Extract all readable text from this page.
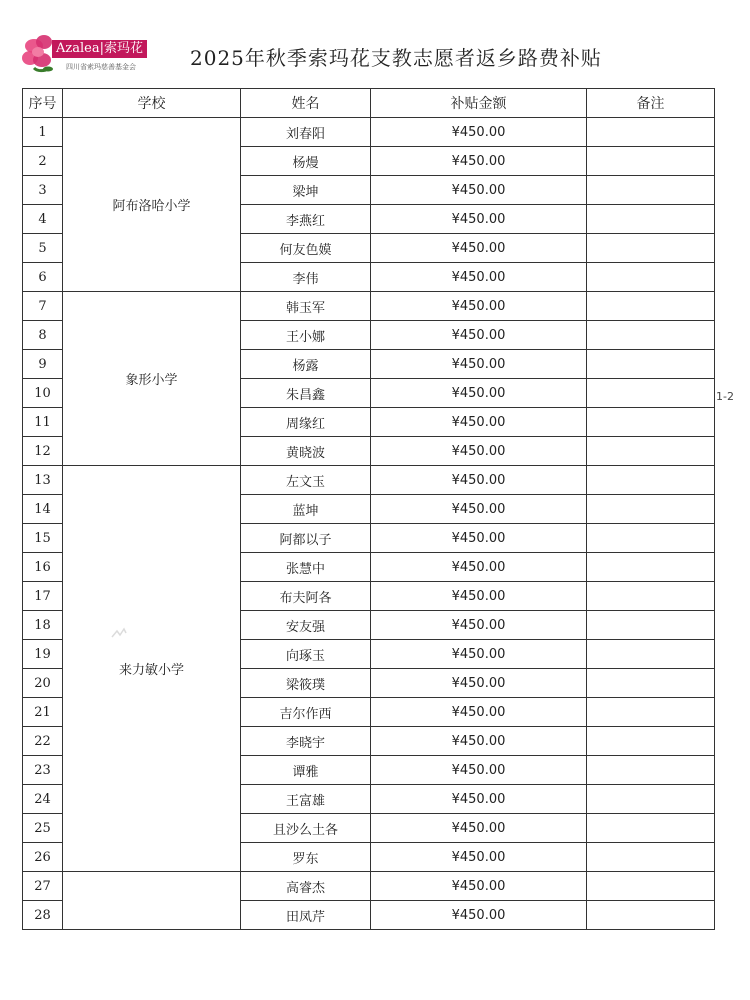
Azalea|索玛花
四川省索玛慈善基金会	2025年秋季索玛花支教志愿者返乡路费补贴
1-2
序号	学校	姓名	补贴金额	备注
1	阿布洛哈小学	刘春阳	¥450.00	
2		杨熳	¥450.00	
3		梁坤	¥450.00	
4		李燕红	¥450.00	
5		何友色嫫	¥450.00	
6		李伟	¥450.00	
7	象形小学	韩玉军	¥450.00	
8		王小娜	¥450.00	
9		杨露	¥450.00	
10		朱昌鑫	¥450.00	
11		周缘红	¥450.00	
12		黄晓波	¥450.00	
13	来力敏小学	左文玉	¥450.00	
14		蓝坤	¥450.00	
15		阿都以子	¥450.00	
16		张慧中	¥450.00	
17		布夫阿各	¥450.00	
18		安友强	¥450.00	
19		向琢玉	¥450.00	
20		梁筱璞	¥450.00	
21		吉尔作西	¥450.00	
22		李晓宇	¥450.00	
23		谭雅	¥450.00	
24		王富雄	¥450.00	
25		且沙么土各	¥450.00	
26		罗东	¥450.00	
27		高睿杰	¥450.00	
28		田凤芹	¥450.00	
